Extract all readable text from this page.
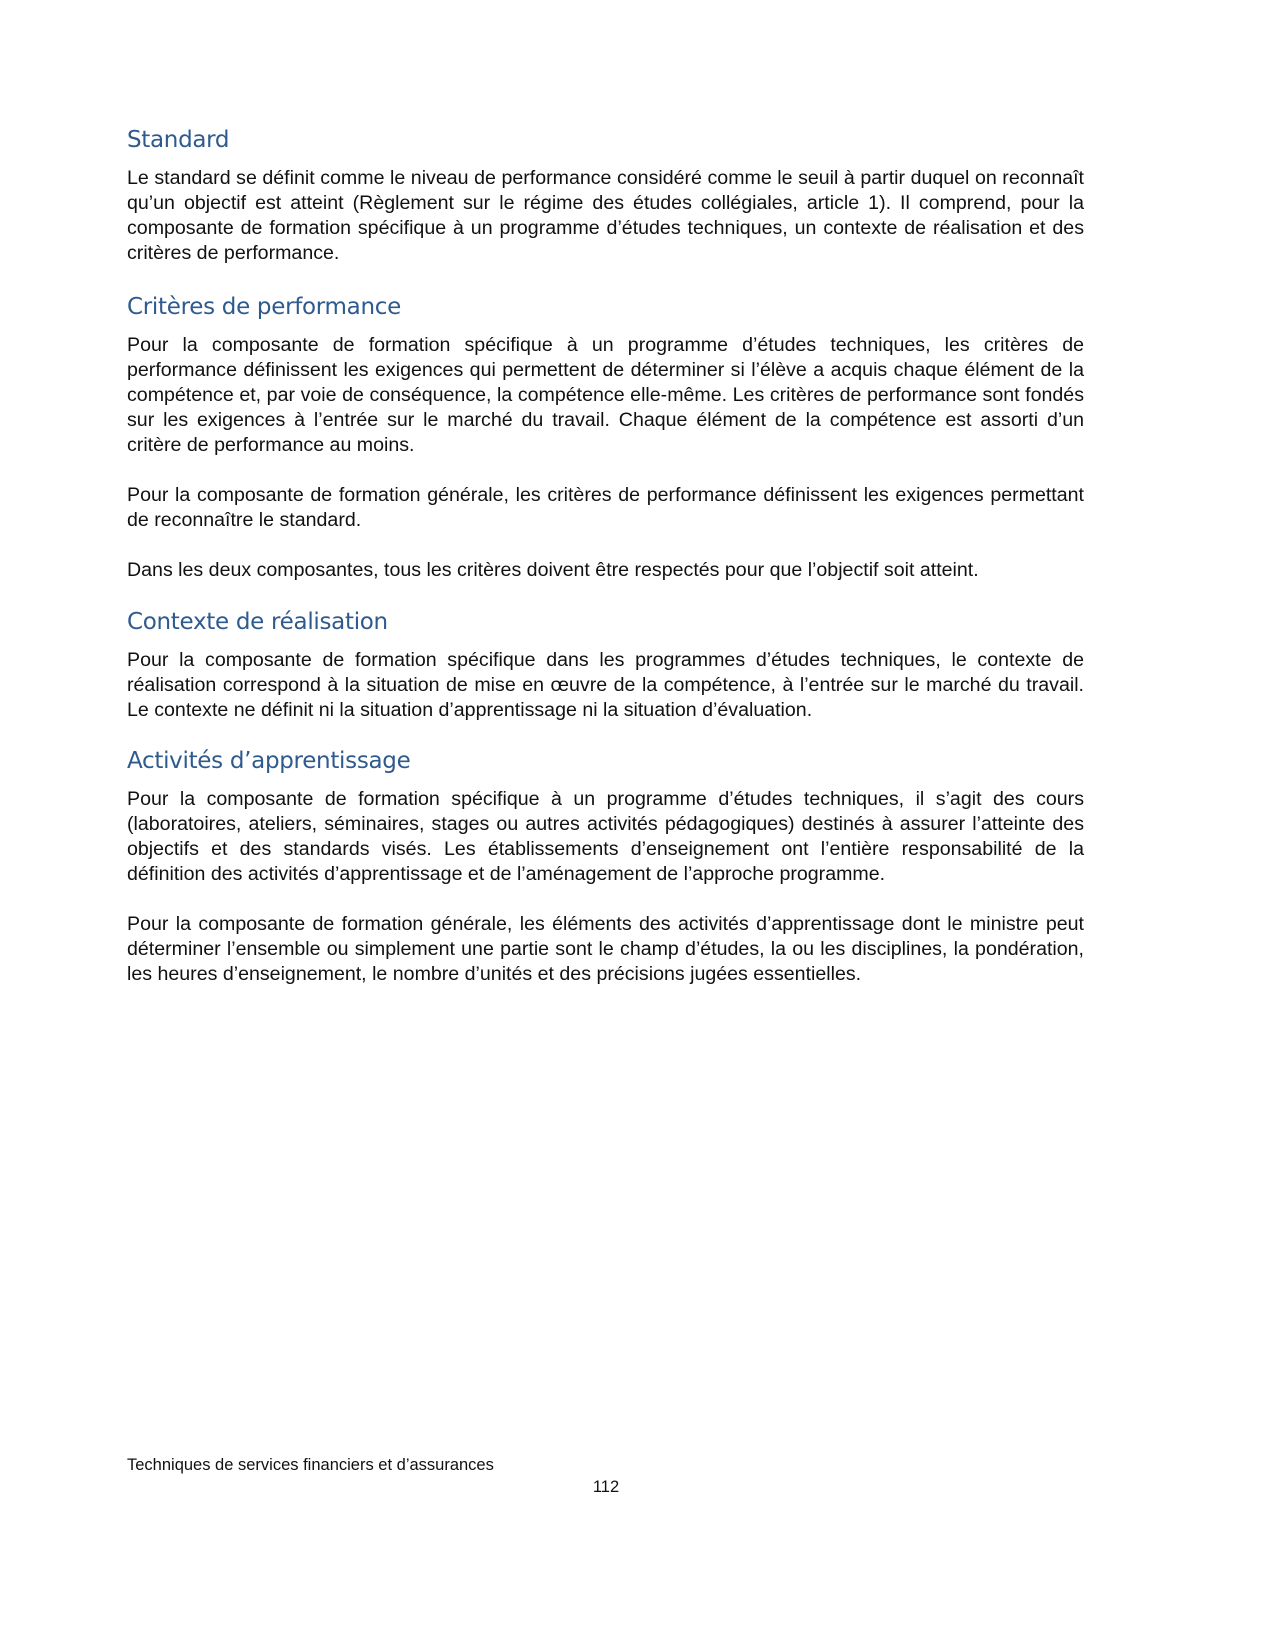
Standard

Le standard se définit comme le niveau de performance considéré comme le seuil à partir duquel on reconnaît qu’un objectif est atteint (Règlement sur le régime des études collégiales, article 1). Il comprend, pour la composante de formation spécifique à un programme d’études techniques, un contexte de réalisation et des critères de performance.

Critères de performance

Pour la composante de formation spécifique à un programme d’études techniques, les critères de performance définissent les exigences qui permettent de déterminer si l’élève a acquis chaque élément de la compétence et, par voie de conséquence, la compétence elle-même. Les critères de performance sont fondés sur les exigences à l’entrée sur le marché du travail. Chaque élément de la compétence est assorti d’un critère de performance au moins.

Pour la composante de formation générale, les critères de performance définissent les exigences permettant de reconnaître le standard.

Dans les deux composantes, tous les critères doivent être respectés pour que l’objectif soit atteint.

Contexte de réalisation

Pour la composante de formation spécifique dans les programmes d’études techniques, le contexte de réalisation correspond à la situation de mise en œuvre de la compétence, à l’entrée sur le marché du travail. Le contexte ne définit ni la situation d’apprentissage ni la situation d’évaluation.

Activités d’apprentissage

Pour la composante de formation spécifique à un programme d’études techniques, il s’agit des cours (laboratoires, ateliers, séminaires, stages ou autres activités pédagogiques) destinés à assurer l’atteinte des objectifs et des standards visés. Les établissements d’enseignement ont l’entière responsabilité de la définition des activités d’apprentissage et de l’aménagement de l’approche programme.

Pour la composante de formation générale, les éléments des activités d’apprentissage dont le ministre peut déterminer l’ensemble ou simplement une partie sont le champ d’études, la ou les disciplines, la pondération, les heures d’enseignement, le nombre d’unités et des précisions jugées essentielles.

Techniques de services financiers et d’assurances
112
